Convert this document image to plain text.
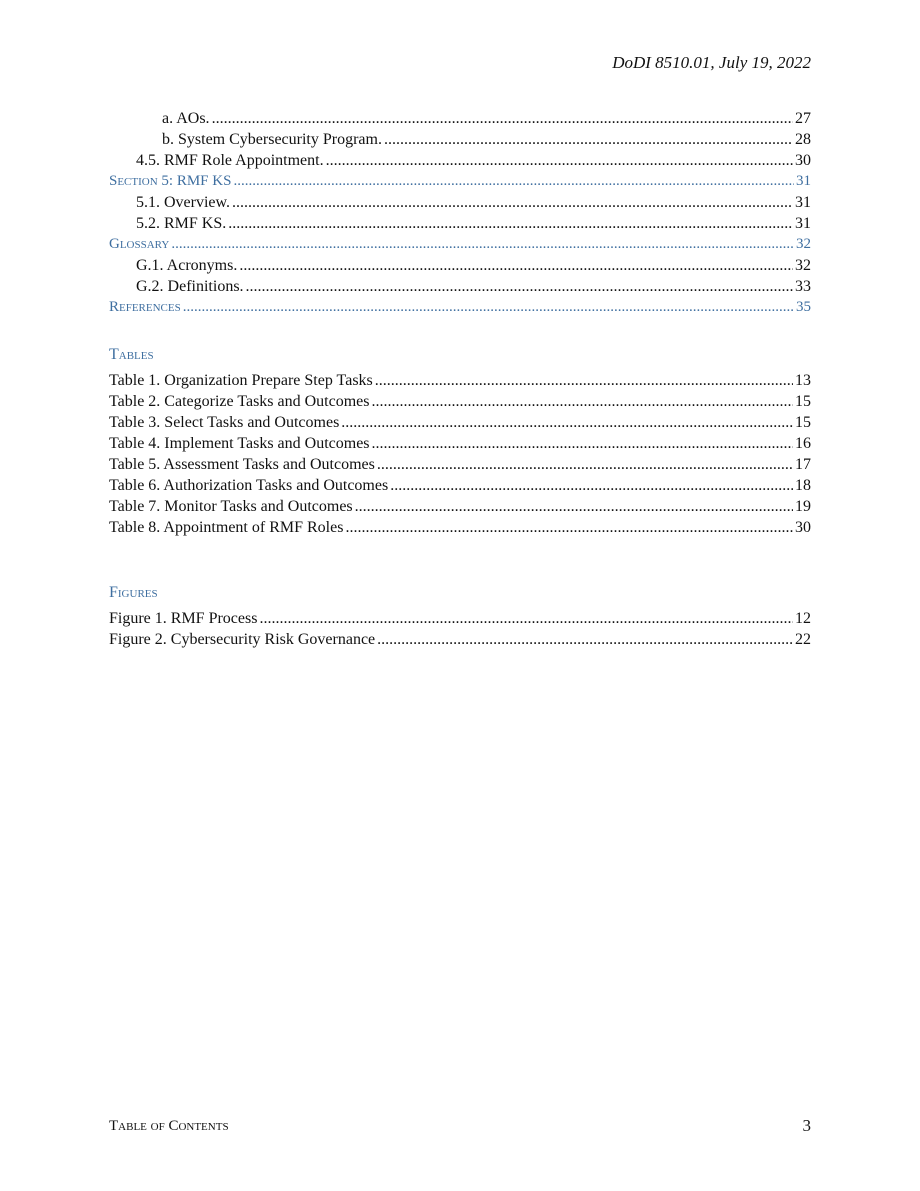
DoDI 8510.01, July 19, 2022
a. AOs. .....	27
b. System Cybersecurity Program. .....	28
4.5. RMF Role Appointment. .....	30
Section 5: RMF KS .....	31
5.1. Overview. .....	31
5.2. RMF KS. .....	31
Glossary .....	32
G.1. Acronyms. .....	32
G.2. Definitions. .....	33
References .....	35
Tables
Table 1. Organization Prepare Step Tasks .....	13
Table 2. Categorize Tasks and Outcomes .....	15
Table 3. Select Tasks and Outcomes .....	15
Table 4. Implement Tasks and Outcomes .....	16
Table 5. Assessment Tasks and Outcomes .....	17
Table 6. Authorization Tasks and Outcomes .....	18
Table 7. Monitor Tasks and Outcomes .....	19
Table 8. Appointment of RMF Roles .....	30
Figures
Figure 1. RMF Process .....	12
Figure 2. Cybersecurity Risk Governance .....	22
Table of Contents	3
